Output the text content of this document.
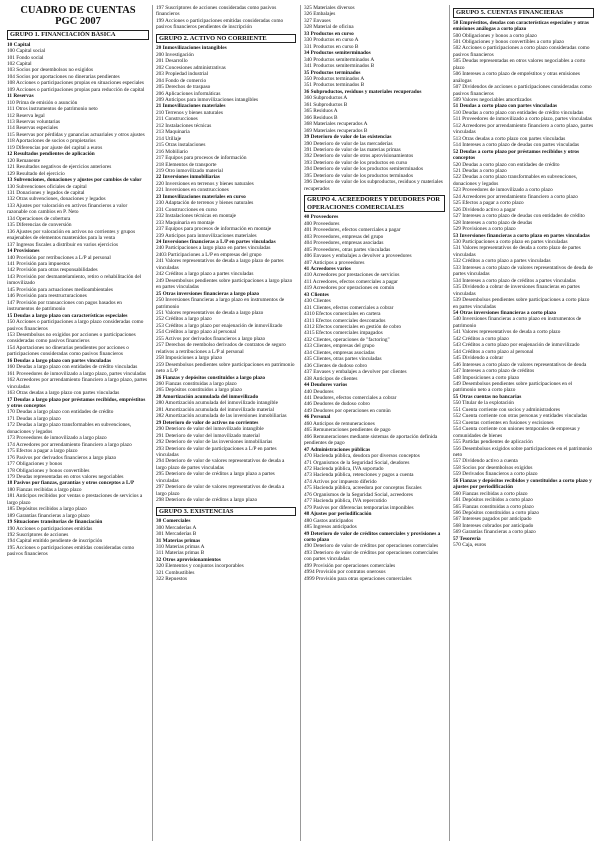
CUADRO DE CUENTAS
PGC 2007
GRUPO 1. FINANCIACIÓN BÁSICA
10 Capital
100 Capital social
101 Fondo social
102 Capital
103 Socios por desembolsos no exigidos
104 Socios por aportaciones no dinerarias pendientes
108 Acciones o participaciones propias en situaciones especiales
109 Acciones o participaciones propias para reducción de capital
11 Reservas
110 Prima de emisión o asunción
111 Otros instrumentos de patrimonio neto
112 Reserva legal
113 Reservas voluntarias
114 Reservas especiales
115 Reservas por pérdidas y ganancias actuariales y otros ajustes
118 Aportaciones de socios o propietarios
119 Diferencias por ajuste del capital a euros
12 Resultados pendientes de aplicación
120 Remanente
121 Resultados negativos de ejercicios anteriores
129 Resultado del ejercicio
13 Subvenciones, donaciones y ajustes por cambios de valor
130 Subvenciones oficiales de capital
131 Donaciones y legados de capital
132 Otras subvenciones, donaciones y legados
133 Ajustes por valoración en activos financieros a valor razonable con cambios en P. Neto
134 Operaciones de cobertura
135 Diferencias de conversión
136 Ajustes por valoración en activos no corrientes y grupos enajenables de elementos mantenidos para la venta
137 Ingresos fiscales a distribuir en varios ejercicios
14 Provisiones
140 Provisión por retribuciones a L/P al personal
141 Provisión para impuestos
142 Provisión para otras responsabilidades
143 Provisión por desmantelamiento, retiro o rehabilitación del inmovilizado
145 Provisión para actuaciones medioambientales
146 Provisión para reestructuraciones
147 Provisión por transacciones con pagos basados en instrumentos de patrimonio
15 Deudas a largo plazo con características especiales
150 Acciones o participaciones a largo plazo consideradas como pasivos financieros
153 Desembolsos no exigidos por acciones o participaciones consideradas como pasivos financieros
154 Aportaciones no dinerarias pendientes por acciones o participaciones consideradas como pasivos financieros
16 Deudas a largo plazo con partes vinculadas
160 Deudas a largo plazo con entidades de crédito vinculadas
161 Proveedores de inmovilizado a largo plazo, partes vinculadas
162 Acreedores por arrendamiento financiero a largo plazo, partes vinculadas
163 Otras deudas a largo plazo con partes vinculadas
17 Deudas a largo plazo por préstamos recibidos, empréstitos y otros conceptos
170 Deudas a largo plazo con entidades de crédito
171 Deudas a largo plazo
172 Deudas a largo plazo transformables en subvenciones, donaciones y legados
173 Proveedores de inmovilizado a largo plazo
174 Acreedores por arrendamiento financiero a largo plazo
175 Efectos a pagar a largo plazo
176 Pasivos por derivados financieros a largo plazo
177 Obligaciones y bonos
178 Obligaciones y bonos convertibles
179 Deudas representadas en otros valores negociables
18 Pasivos por fianzas, garantías y otros conceptos a L/P
180 Fianzas recibidas a largo plazo
181 Anticipos recibidos por ventas o prestaciones de servicios a largo plazo
185 Depósitos recibidos a largo plazo
189 Garantías financieras a largo plazo
19 Situaciones transitorias de financiación
190 Acciones o participaciones emitidas
192 Suscriptores de acciones
194 Capital emitido pendiente de inscripción
195 Acciones o participaciones emitidas consideradas como pasivos financieros
197 Suscriptores de acciones consideradas como pasivos financieros
199 Acciones o participaciones emitidas consideradas como pasivos financieros pendientes de inscripción
GRUPO 2. ACTIVO NO CORRIENTE
20 Inmovilizaciones intangibles
200 Investigación
201 Desarrollo
202 Concesiones administrativas
203 Propiedad industrial
204 Fondo de comercio
205 Derechos de traspaso
206 Aplicaciones informáticas
209 Anticipos para inmovilizaciones intangibles
21 Inmovilizaciones materiales
210 Terrenos y bienes naturales
211 Construcciones
212 Instalaciones técnicas
213 Maquinaria
214 Utillaje
215 Otras instalaciones
216 Mobiliario
217 Equipos para procesos de información
218 Elementos de transporte
219 Otro inmovilizado material
22 Inversiones inmobiliarias
220 Inversiones en terrenos y bienes naturales
221 Inversiones en construcciones
23 Inmovilizaciones materiales en curso
230 Adaptación de terrenos y bienes naturales
231 Construcciones en curso
232 Instalaciones técnicas en montaje
233 Maquinaria en montaje
237 Equipos para procesos de información en montaje
239 Anticipos para inmovilizaciones materiales
24 Inversiones financieras a L/P en partes vinculadas
240 Participaciones a largo plazo en partes vinculadas
2403 Participaciones a L/P en empresas del grupo
241 Valores representativos de deuda a largo plazo de partes vinculadas
242 Créditos a largo plazo a partes vinculadas
249 Desembolsos pendientes sobre participaciones a largo plazo en partes vinculadas
25 Otras inversiones financieras a largo plazo
250 Inversiones financieras a largo plazo en instrumentos de patrimonio
251 Valores representativos de deuda a largo plazo
252 Créditos a largo plazo
253 Créditos a largo plazo por enajenación de inmovilizado
254 Créditos a largo plazo al personal
255 Activos por derivados financieros a largo plazo
257 Derechos de reembolso derivados de contratos de seguro relativos a retribuciones a L/P al personal
258 Imposiciones a largo plazo
259 Desembolsos pendientes sobre participaciones en patrimonio neto a L/P
26 Fianzas y depósitos constituidos a largo plazo
260 Fianzas constituidas a largo plazo
265 Depósitos constituidos a largo plazo
28 Amortización acumulada del inmovilizado
280 Amortización acumulada del inmovilizado intangible
281 Amortización acumulada del inmovilizado material
282 Amortización acumulada de las inversiones inmobiliarias
29 Deterioro de valor de activos no corrientes
290 Deterioro de valor del inmovilizado intangible
291 Deterioro de valor del inmovilizado material
292 Deterioro de valor de las inversiones inmobiliarias
293 Deterioro de valor de participaciones a L/P en partes vinculadas
294 Deterioro de valor de valores representativos de deuda a largo plazo de partes vinculadas
295 Deterioro de valor de créditos a largo plazo a partes vinculadas
297 Deterioro de valor de valores representativos de deuda a largo plazo
298 Deterioro de valor de créditos a largo plazo
GRUPO 3. EXISTENCIAS
30 Comerciales
300 Mercaderías A
301 Mercaderías B
31 Materias primas
310 Materias primas A
311 Materias primas B
32 Otros aprovisionamientos
320 Elementos y conjuntos incorporables
321 Combustibles
322 Repuestos
325 Materiales diversos
326 Embalajes
327 Envases
328 Material de oficina
33 Productos en curso
330 Productos en curso A
331 Productos en curso B
34 Productos semiterminados
340 Productos semiterminados A
341 Productos semiterminados B
35 Productos terminados
350 Productos terminados A
351 Productos terminados B
36 Subproductos, residuos y materiales recuperados
360 Subproductos A
361 Subproductos B
365 Residuos A
366 Residuos B
368 Materiales recuperados A
369 Materiales recuperados B
39 Deterioro de valor de las existencias
390 Deterioro de valor de las mercaderías
391 Deterioro de valor de las materias primas
392 Deterioro de valor de otros aprovisionamientos
393 Deterioro de valor de los productos en curso
394 Deterioro de valor de los productos semiterminados
395 Deterioro de valor de los productos terminados
396 Deterioro de valor de los subproductos, residuos y materiales recuperados
GRUPO 4. ACREEDORES Y DEUDORES POR OPERACIONES COMERCIALES
40 Proveedores
400 Proveedores
401 Proveedores, efectos comerciales a pagar
403 Proveedores, empresas del grupo
404 Proveedores, empresas asociadas
405 Proveedores, otras partes vinculadas
406 Envases y embalajes a devolver a proveedores
407 Anticipos a proveedores
41 Acreedores varios
410 Acreedores por prestaciones de servicios
411 Acreedores, efectos comerciales a pagar
419 Acreedores por operaciones en común
43 Clientes
430 Clientes
431 Clientes, efectos comerciales a cobrar
4310 Efectos comerciales en cartera
4311 Efectos comerciales descontados
4312 Efectos comerciales en gestión de cobro
4315 Efectos comerciales impagados
432 Clientes, operaciones de "factoring"
433 Clientes, empresas del grupo
434 Clientes, empresas asociadas
435 Clientes, otras partes vinculadas
436 Clientes de dudoso cobro
437 Envases y embalajes a devolver por clientes
438 Anticipos de clientes
44 Deudores varios
440 Deudores
441 Deudores, efectos comerciales a cobrar
446 Deudores de dudoso cobro
449 Deudores por operaciones en común
46 Personal
460 Anticipos de remuneraciones
465 Remuneraciones pendientes de pago
466 Remuneraciones mediante sistemas de aportación definida pendientes de pago
47 Administraciones públicas
470 Hacienda pública, deudora por diversos conceptos
471 Organismos de la Seguridad Social, deudores
472 Hacienda pública, IVA soportado
473 Hacienda pública, retenciones y pagos a cuenta
474 Activos por impuesto diferido
475 Hacienda pública, acreedora por conceptos fiscales
476 Organismos de la Seguridad Social, acreedores
477 Hacienda pública, IVA repercutido
479 Pasivos por diferencias temporarias imponibles
48 Ajustes por periodificación
480 Gastos anticipados
485 Ingresos anticipados
49 Deterioro de valor de créditos comerciales y provisiones a corto plazo
490 Deterioro de valor de créditos por operaciones comerciales
493 Deterioro de valor de créditos por operaciones comerciales con partes vinculadas
499 Provisión por operaciones comerciales
4994 Provisión por contratos onerosos
4999 Provisión para otras operaciones comerciales
GRUPO 5. CUENTAS FINANCIERAS
50 Empréstitos, deudas con características especiales y otras emisiones análogas a corto plazo
500 Obligaciones y bonos a corto plazo
501 Obligaciones y bonos convertibles a corto plazo
502 Acciones o participaciones a corto plazo consideradas como pasivos financieros
505 Deudas representadas en otros valores negociables a corto plazo
506 Intereses a corto plazo de empréstitos y otras emisiones análogas
507 Dividendos de acciones o participaciones consideradas como pasivos financieros
509 Valores negociables amortizados
51 Deudas a corto plazo con partes vinculadas
510 Deudas a corto plazo con entidades de crédito vinculadas
511 Proveedores de inmovilizado a corto plazo, partes vinculadas
512 Acreedores por arrendamiento financiero a corto plazo, partes vinculadas
513 Otras deudas a corto plazo con partes vinculadas
514 Intereses a corto plazo de deudas con partes vinculadas
52 Deudas a corto plazo por préstamos recibidos y otros conceptos
520 Deudas a corto plazo con entidades de crédito
521 Deudas a corto plazo
522 Deudas a corto plazo transformables en subvenciones, donaciones y legados
523 Proveedores de inmovilizado a corto plazo
524 Acreedores por arrendamiento financiero a corto plazo
525 Efectos a pagar a corto plazo
526 Dividendo activo a pagar
527 Intereses a corto plazo de deudas con entidades de crédito
528 Intereses a corto plazo de deudas
529 Provisiones a corto plazo
53 Inversiones financieras a corto plazo en partes vinculadas
530 Participaciones a corto plazo en partes vinculadas
531 Valores representativos de deuda a corto plazo de partes vinculadas
532 Créditos a corto plazo a partes vinculadas
533 Intereses a corto plazo de valores representativos de deuda de partes vinculadas
534 Intereses a corto plazo de créditos a partes vinculadas
535 Dividendo a cobrar de inversiones financieras en partes vinculadas
539 Desembolsos pendientes sobre participaciones a corto plazo en partes vinculadas
54 Otras inversiones financieras a corto plazo
540 Inversiones financieras a corto plazo en instrumentos de patrimonio
541 Valores representativos de deuda a corto plazo
542 Créditos a corto plazo
543 Créditos a corto plazo por enajenación de inmovilizado
544 Créditos a corto plazo al personal
545 Dividendo a cobrar
546 Intereses a corto plazo de valores representativos de deuda
547 Intereses a corto plazo de créditos
548 Imposiciones a corto plazo
549 Desembolsos pendientes sobre participaciones en el patrimonio neto a corto plazo
55 Otras cuentas no bancarias
550 Titular de la explotación
551 Cuenta corriente con socios y administradores
552 Cuenta corriente con otras personas y entidades vinculadas
553 Cuentas corrientes en fusiones y escisiones
554 Cuenta corriente con uniones temporales de empresas y comunidades de bienes
555 Partidas pendientes de aplicación
556 Desembolsos exigidos sobre participaciones en el patrimonio neto
557 Dividendo activo a cuenta
558 Socios por desembolsos exigidos
559 Derivados financieros a corto plazo
56 Fianzas y depósitos recibidos y constituidos a corto plazo y ajustes por periodificación
560 Fianzas recibidas a corto plazo
561 Depósitos recibidos a corto plazo
565 Fianzas constituidas a corto plazo
566 Depósitos constituidos a corto plazo
567 Intereses pagados por anticipado
568 Intereses cobrados por anticipado
569 Garantías financieras a corto plazo
57 Tesorería
570 Caja, euros
